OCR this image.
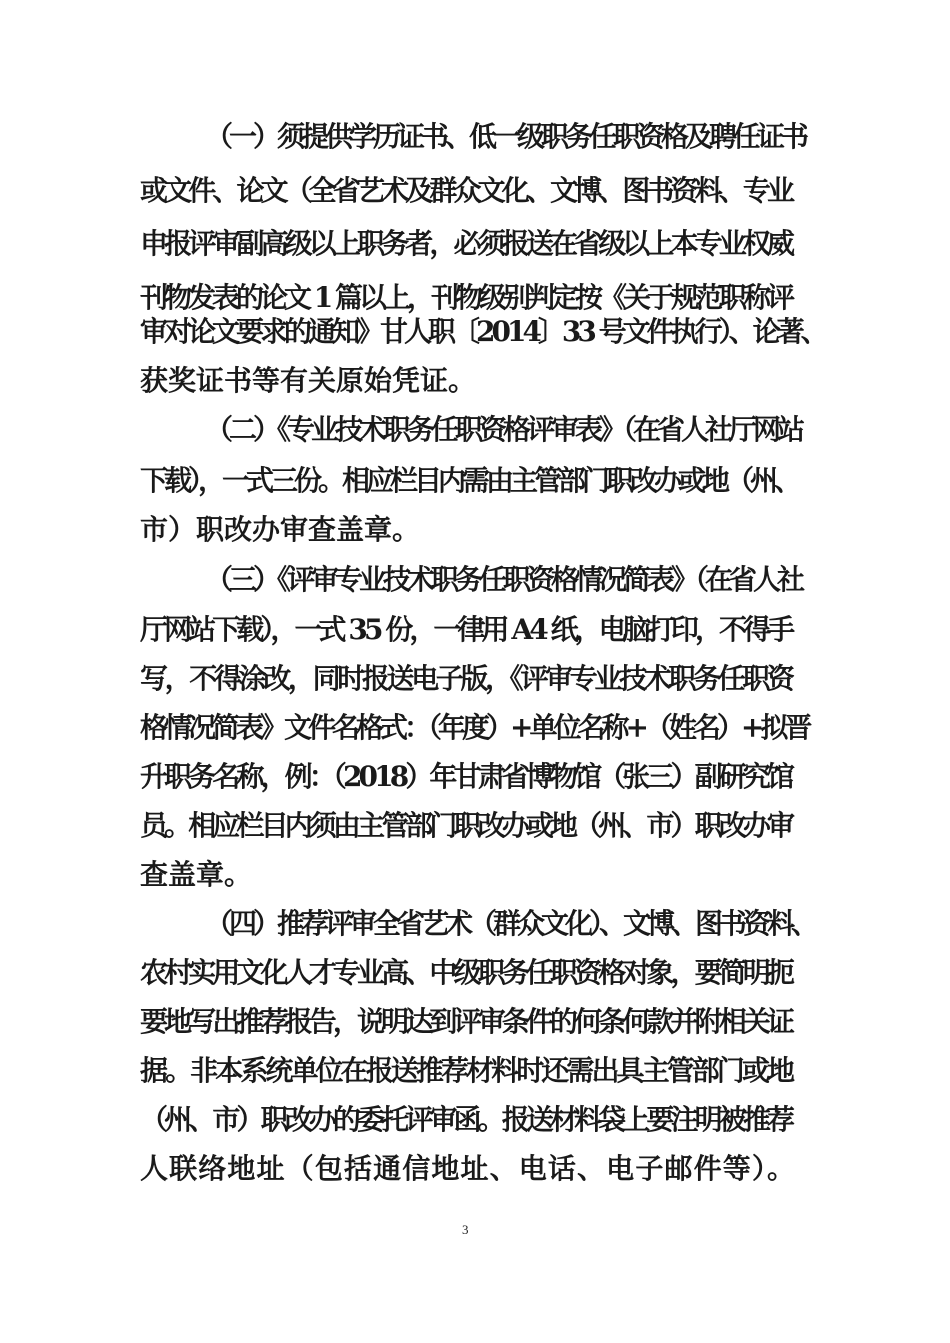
（一）须提供学历证书、低一级职务任职资格及聘任证书
或文件、论文（全省艺术及群众文化、文博、图书资料、专业
申报评审副高级以上职务者，必须报送在省级以上本专业权威
刊物发表的论文 1 篇以上，刊物级别判定按《关于规范职称评
审对论文要求的通知》甘人职〔2014〕33 号文件执行）、论著、
获奖证书等有关原始凭证。
（二）《专业技术职务任职资格评审表》（在省人社厅网站
下载），一式三份。相应栏目内需由主管部门职改办或地（州、
市）职改办审查盖章。
（三）《评审专业技术职务任职资格情况简表》（在省人社
厅网站下载），一式 35 份，一律用 A4 纸，电脑打印，不得手
写，不得涂改，同时报送电子版，《评审专业技术职务任职资
格情况简表》文件名格式：（年度）+单位名称+（姓名）+拟晋
升职务名称，例：（2018）年甘肃省博物馆（张三）副研究馆
员。相应栏目内须由主管部门职改办或地（州、市）职改办审
查盖章。
（四）推荐评审全省艺术（群众文化）、文博、图书资料、
农村实用文化人才专业高、中级职务任职资格对象，要简明扼
要地写出推荐报告，说明达到评审条件的何条何款并附相关证
据。非本系统单位在报送推荐材料时还需出具主管部门或地
（州、市）职改办的委托评审函。报送材料袋上要注明被推荐
人联络地址（包括通信地址、电话、电子邮件等）。
3
